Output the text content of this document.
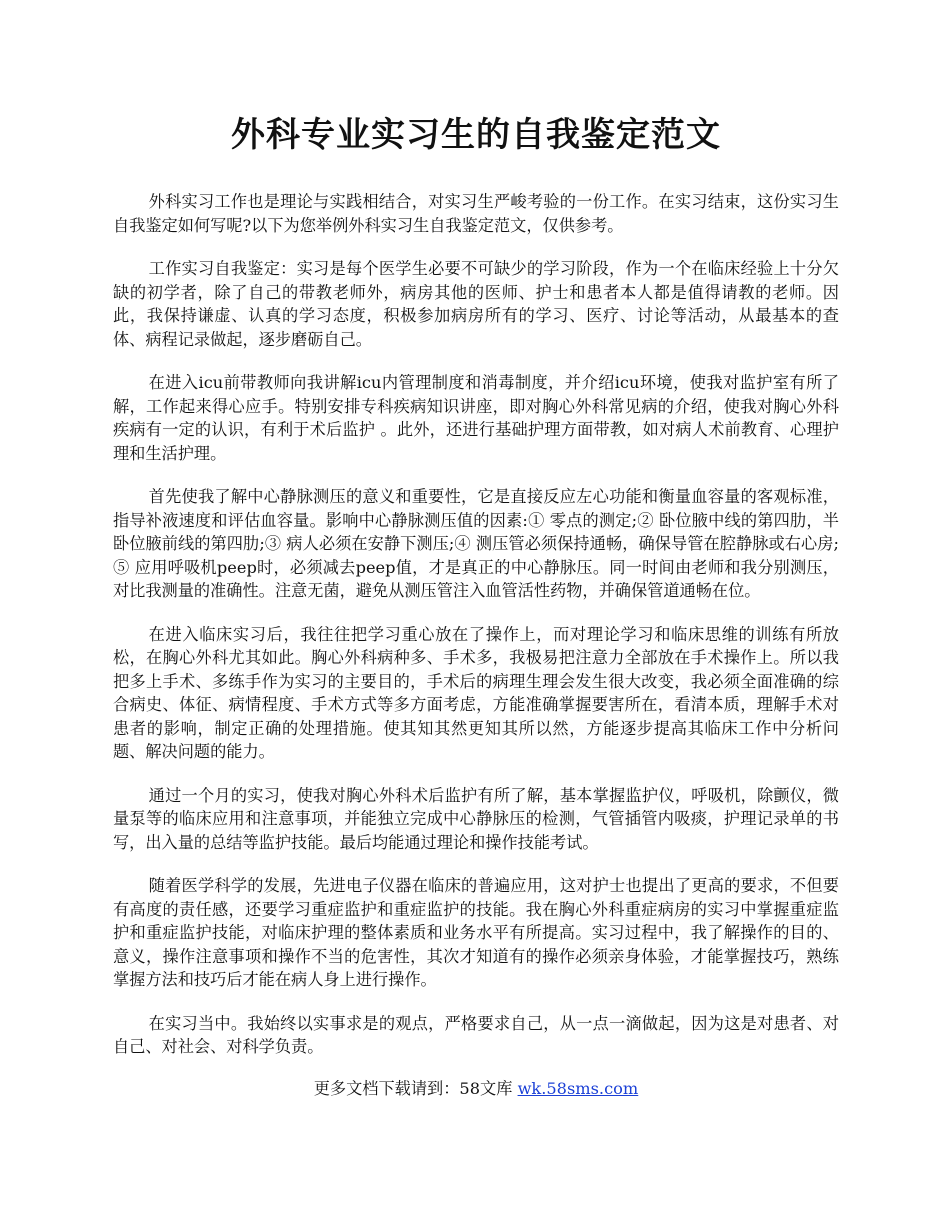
外科专业实习生的自我鉴定范文

外科实习工作也是理论与实践相结合，对实习生严峻考验的一份工作。在实习结束，这份实习生自我鉴定如何写呢?以下为您举例外科实习生自我鉴定范文，仅供参考。

工作实习自我鉴定：实习是每个医学生必要不可缺少的学习阶段，作为一个在临床经验上十分欠缺的初学者，除了自己的带教老师外，病房其他的医师、护士和患者本人都是值得请教的老师。因此，我保持谦虚、认真的学习态度，积极参加病房所有的学习、医疗、讨论等活动，从最基本的查体、病程记录做起，逐步磨砺自己。

在进入icu前带教师向我讲解icu内管理制度和消毒制度，并介绍icu环境，使我对监护室有所了解，工作起来得心应手。特别安排专科疾病知识讲座，即对胸心外科常见病的介绍，使我对胸心外科疾病有一定的认识，有利于术后监护 。此外，还进行基础护理方面带教，如对病人术前教育、心理护理和生活护理。

首先使我了解中心静脉测压的意义和重要性，它是直接反应左心功能和衡量血容量的客观标准，指导补液速度和评估血容量。影响中心静脉测压值的因素:① 零点的测定;② 卧位腋中线的第四肋，半卧位腋前线的第四肋;③ 病人必须在安静下测压;④ 测压管必须保持通畅，确保导管在腔静脉或右心房;⑤ 应用呼吸机peep时，必须减去peep值，才是真正的中心静脉压。同一时间由老师和我分别测压，对比我测量的准确性。注意无菌，避免从测压管注入血管活性药物，并确保管道通畅在位。

在进入临床实习后，我往往把学习重心放在了操作上，而对理论学习和临床思维的训练有所放松，在胸心外科尤其如此。胸心外科病种多、手术多，我极易把注意力全部放在手术操作上。所以我把多上手术、多练手作为实习的主要目的，手术后的病理生理会发生很大改变，我必须全面准确的综合病史、体征、病情程度、手术方式等多方面考虑，方能准确掌握要害所在，看清本质，理解手术对患者的影响，制定正确的处理措施。使其知其然更知其所以然，方能逐步提高其临床工作中分析问题、解决问题的能力。

通过一个月的实习，使我对胸心外科术后监护有所了解，基本掌握监护仪，呼吸机，除颤仪，微量泵等的临床应用和注意事项，并能独立完成中心静脉压的检测，气管插管内吸痰，护理记录单的书写，出入量的总结等监护技能。最后均能通过理论和操作技能考试。

随着医学科学的发展，先进电子仪器在临床的普遍应用，这对护士也提出了更高的要求，不但要有高度的责任感，还要学习重症监护和重症监护的技能。我在胸心外科重症病房的实习中掌握重症监护和重症监护技能，对临床护理的整体素质和业务水平有所提高。实习过程中，我了解操作的目的、意义，操作注意事项和操作不当的危害性，其次才知道有的操作必须亲身体验，才能掌握技巧，熟练掌握方法和技巧后才能在病人身上进行操作。

在实习当中。我始终以实事求是的观点，严格要求自己，从一点一滴做起，因为这是对患者、对自己、对社会、对科学负责。

更多文档下载请到：58文库 wk.58sms.com
